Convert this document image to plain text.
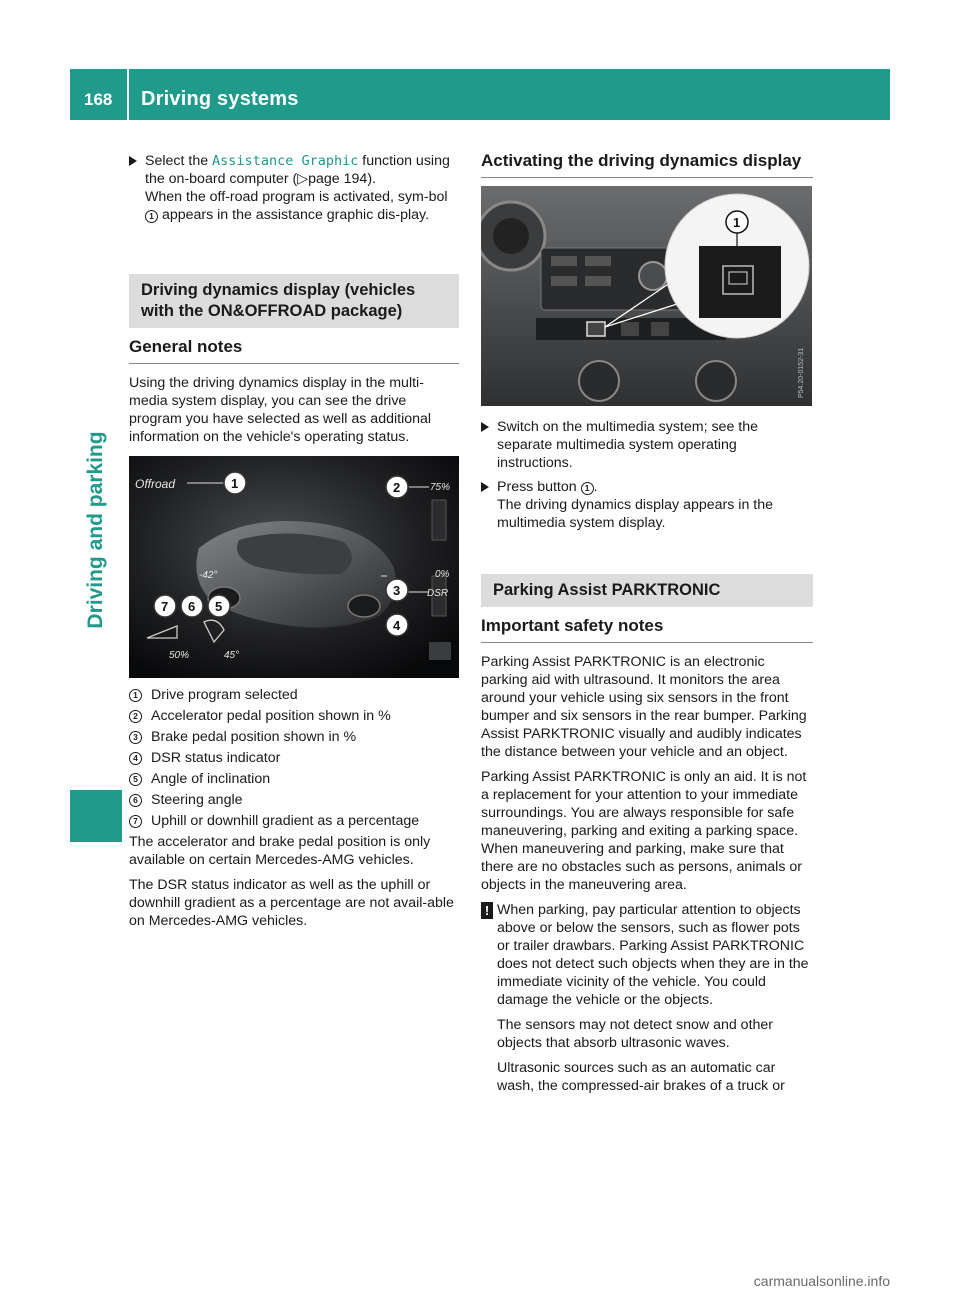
168 Driving systems
Driving and parking
Select the Assistance Graphic function using the on-board computer (▷page 194).
When the off-road program is activated, sym-bol 1 appears in the assistance graphic dis-play.
Driving dynamics display (vehicles with the ON&OFFROAD package)
General notes

Using the driving dynamics display in the multi-media system display, you can see the drive program you have selected as well as additional information on the vehicle's operating status.

Offroad	75%
0%
DSR
-42°
50%	45°
1	2
3
4
5
6
7
1 Drive program selected
2 Accelerator pedal position shown in %
3 Brake pedal position shown in %
4 DSR status indicator
5 Angle of inclination
6 Steering angle
7 Uphill or downhill gradient as a percentage

The accelerator and brake pedal position is only available on certain Mercedes-AMG vehicles.

The DSR status indicator as well as the uphill or downhill gradient as a percentage are not avail-able on Mercedes-AMG vehicles.

Activating the driving dynamics display
1
P54.20-0152-31
Switch on the multimedia system; see the separate multimedia system operating instructions.
Press button 1 .
The driving dynamics display appears in the multimedia system display.
Parking Assist PARKTRONIC
Important safety notes

Parking Assist PARKTRONIC is an electronic parking aid with ultrasound. It monitors the area around your vehicle using six sensors in the front bumper and six sensors in the rear bumper. Parking Assist PARKTRONIC visually and audibly indicates the distance between your vehicle and an object.

Parking Assist PARKTRONIC is only an aid. It is not a replacement for your attention to your immediate surroundings. You are always responsible for safe maneuvering, parking and exiting a parking space. When maneuvering and parking, make sure that there are no obstacles such as persons, animals or objects in the maneuvering area.

! When parking, pay particular attention to objects above or below the sensors, such as flower pots or trailer drawbars. Parking Assist PARKTRONIC does not detect such objects when they are in the immediate vicinity of the vehicle. You could damage the vehicle or the objects.

The sensors may not detect snow and other objects that absorb ultrasonic waves.

Ultrasonic sources such as an automatic car wash, the compressed-air brakes of a truck or

carmanualsonline.info
